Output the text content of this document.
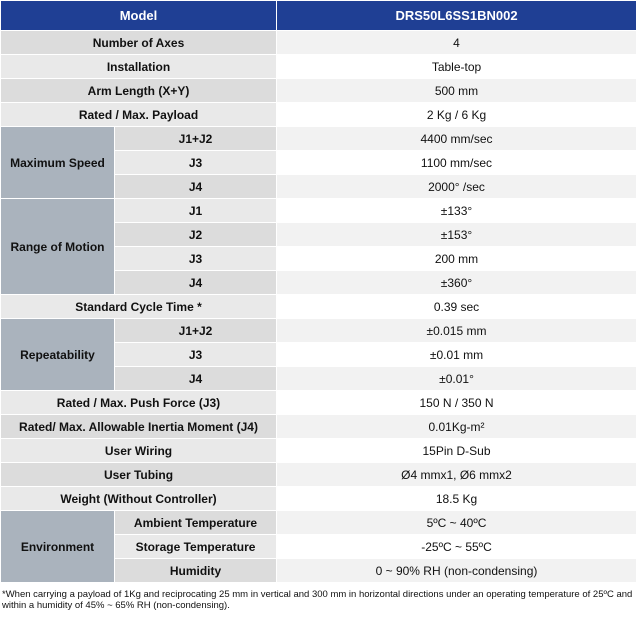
Model		DRS50L6SS1BN002
Number of Axes		4
Installation		Table-top
Arm Length (X+Y)		500 mm
Rated / Max. Payload		2 Kg / 6 Kg
Maximum Speed	J1+J2	4400 mm/sec
	J3	1100 mm/sec
	J4	2000° /sec
Range of Motion	J1	±133°
	J2	±153°
	J3	200 mm
	J4	±360°
Standard Cycle Time *		0.39 sec
Repeatability	J1+J2	±0.015 mm
	J3	±0.01 mm
	J4	±0.01°
Rated / Max. Push Force (J3)		150 N / 350 N
Rated/ Max. Allowable Inertia Moment (J4)		0.01Kg-m²
User Wiring		15Pin D-Sub
User Tubing		Ø4 mmx1, Ø6 mmx2
Weight (Without Controller)		18.5 Kg
Environment	Ambient Temperature	5ºC ~ 40ºC
	Storage Temperature	-25ºC ~ 55ºC
	Humidity	0 ~ 90% RH (non-condensing)
*When carrying a payload of 1Kg and reciprocating 25 mm in vertical and 300 mm in horizontal directions under an operating temperature of 25ºC and within a humidity of 45% ~ 65% RH (non-condensing).
